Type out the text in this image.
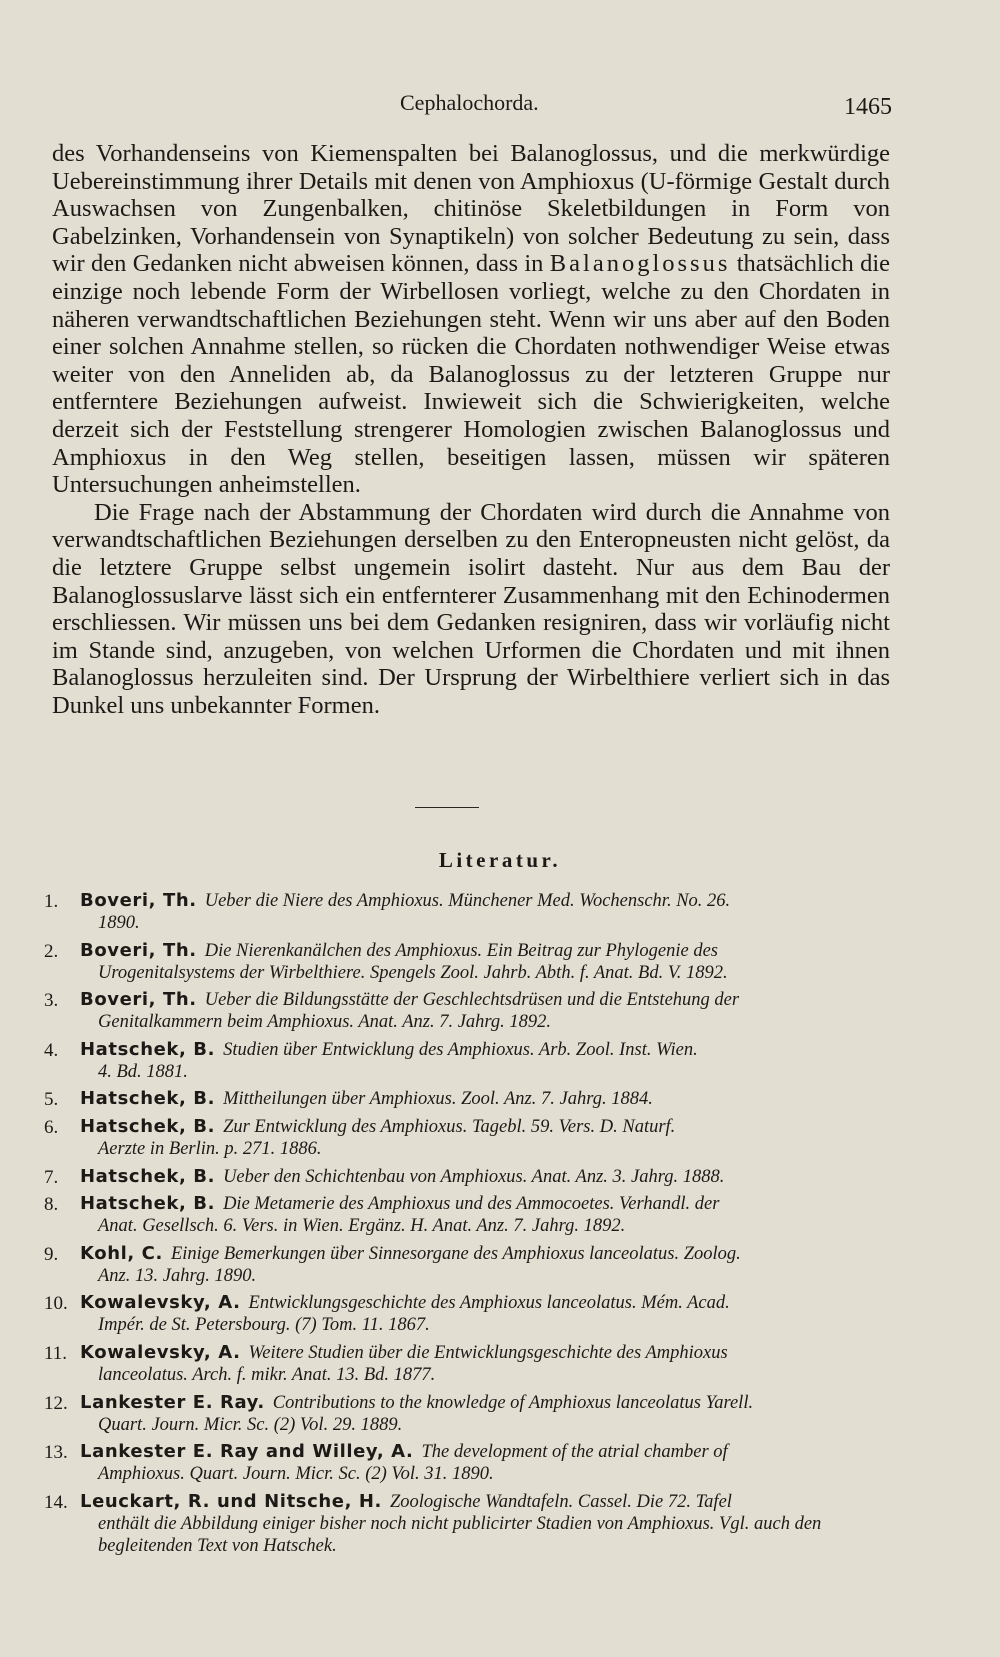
Cephalochorda.	1465

des Vorhandenseins von Kiemenspalten bei Balanoglossus, und die merkwürdige Uebereinstimmung ihrer Details mit denen von Amphioxus (U-förmige Gestalt durch Auswachsen von Zungenbalken, chitinöse Skeletbildungen in Form von Gabelzinken, Vorhandensein von Synaptikeln) von solcher Bedeutung zu sein, dass wir den Gedanken nicht abweisen können, dass in Balanoglossus thatsächlich die einzige noch lebende Form der Wirbellosen vorliegt, welche zu den Chordaten in näheren verwandtschaftlichen Beziehungen steht. Wenn wir uns aber auf den Boden einer solchen Annahme stellen, so rücken die Chordaten nothwendiger Weise etwas weiter von den Anneliden ab, da Balanoglossus zu der letzteren Gruppe nur entferntere Beziehungen aufweist. Inwieweit sich die Schwierigkeiten, welche derzeit sich der Feststellung strengerer Homologien zwischen Balanoglossus und Amphioxus in den Weg stellen, beseitigen lassen, müssen wir späteren Untersuchungen anheimstellen.

Die Frage nach der Abstammung der Chordaten wird durch die Annahme von verwandtschaftlichen Beziehungen derselben zu den Enteropneusten nicht gelöst, da die letztere Gruppe selbst ungemein isolirt dasteht. Nur aus dem Bau der Balanoglossuslarve lässt sich ein entfernterer Zusammenhang mit den Echinodermen erschliessen. Wir müssen uns bei dem Gedanken resigniren, dass wir vorläufig nicht im Stande sind, anzugeben, von welchen Urformen die Chordaten und mit ihnen Balanoglossus herzuleiten sind. Der Ursprung der Wirbelthiere verliert sich in das Dunkel uns unbekannter Formen.

Literatur.
1.	Boveri, Th. Ueber die Niere des Amphioxus. Münchener Med. Wochenschr. No. 26.
1890.
2.	Boveri, Th. Die Nierenkanälchen des Amphioxus. Ein Beitrag zur Phylogenie des
Urogenitalsystems der Wirbelthiere. Spengels Zool. Jahrb. Abth. f. Anat. Bd. V. 1892.
3.	Boveri, Th. Ueber die Bildungsstätte der Geschlechtsdrüsen und die Entstehung der
Genitalkammern beim Amphioxus. Anat. Anz. 7. Jahrg. 1892.
4.	Hatschek, B. Studien über Entwicklung des Amphioxus. Arb. Zool. Inst. Wien.
4. Bd. 1881.
5.	Hatschek, B. Mittheilungen über Amphioxus. Zool. Anz. 7. Jahrg. 1884.
6.	Hatschek, B. Zur Entwicklung des Amphioxus. Tagebl. 59. Vers. D. Naturf.
Aerzte in Berlin. p. 271. 1886.
7.	Hatschek, B. Ueber den Schichtenbau von Amphioxus. Anat. Anz. 3. Jahrg. 1888.
8.	Hatschek, B. Die Metamerie des Amphioxus und des Ammocoetes. Verhandl. der
Anat. Gesellsch. 6. Vers. in Wien. Ergänz. H. Anat. Anz. 7. Jahrg. 1892.
9.	Kohl, C. Einige Bemerkungen über Sinnesorgane des Amphioxus lanceolatus. Zoolog.
Anz. 13. Jahrg. 1890.
10. Kowalevsky, A. Entwicklungsgeschichte des Amphioxus lanceolatus. Mém. Acad.
Impér. de St. Petersbourg. (7) Tom. 11. 1867.
11. Kowalevsky, A. Weitere Studien über die Entwicklungsgeschichte des Amphioxus
lanceolatus. Arch. f. mikr. Anat. 13. Bd. 1877.
12. Lankester E. Ray. Contributions to the knowledge of Amphioxus lanceolatus Yarell.
Quart. Journ. Micr. Sc. (2) Vol. 29. 1889.
13. Lankester E. Ray and Willey, A. The development of the atrial chamber of
Amphioxus. Quart. Journ. Micr. Sc. (2) Vol. 31. 1890.
14. Leuckart, R. und Nitsche, H. Zoologische Wandtafeln. Cassel. Die 72. Tafel
enthält die Abbildung einiger bisher noch nicht publicirter Stadien von Amphioxus. Vgl. auch den begleitenden Text von Hatschek.
